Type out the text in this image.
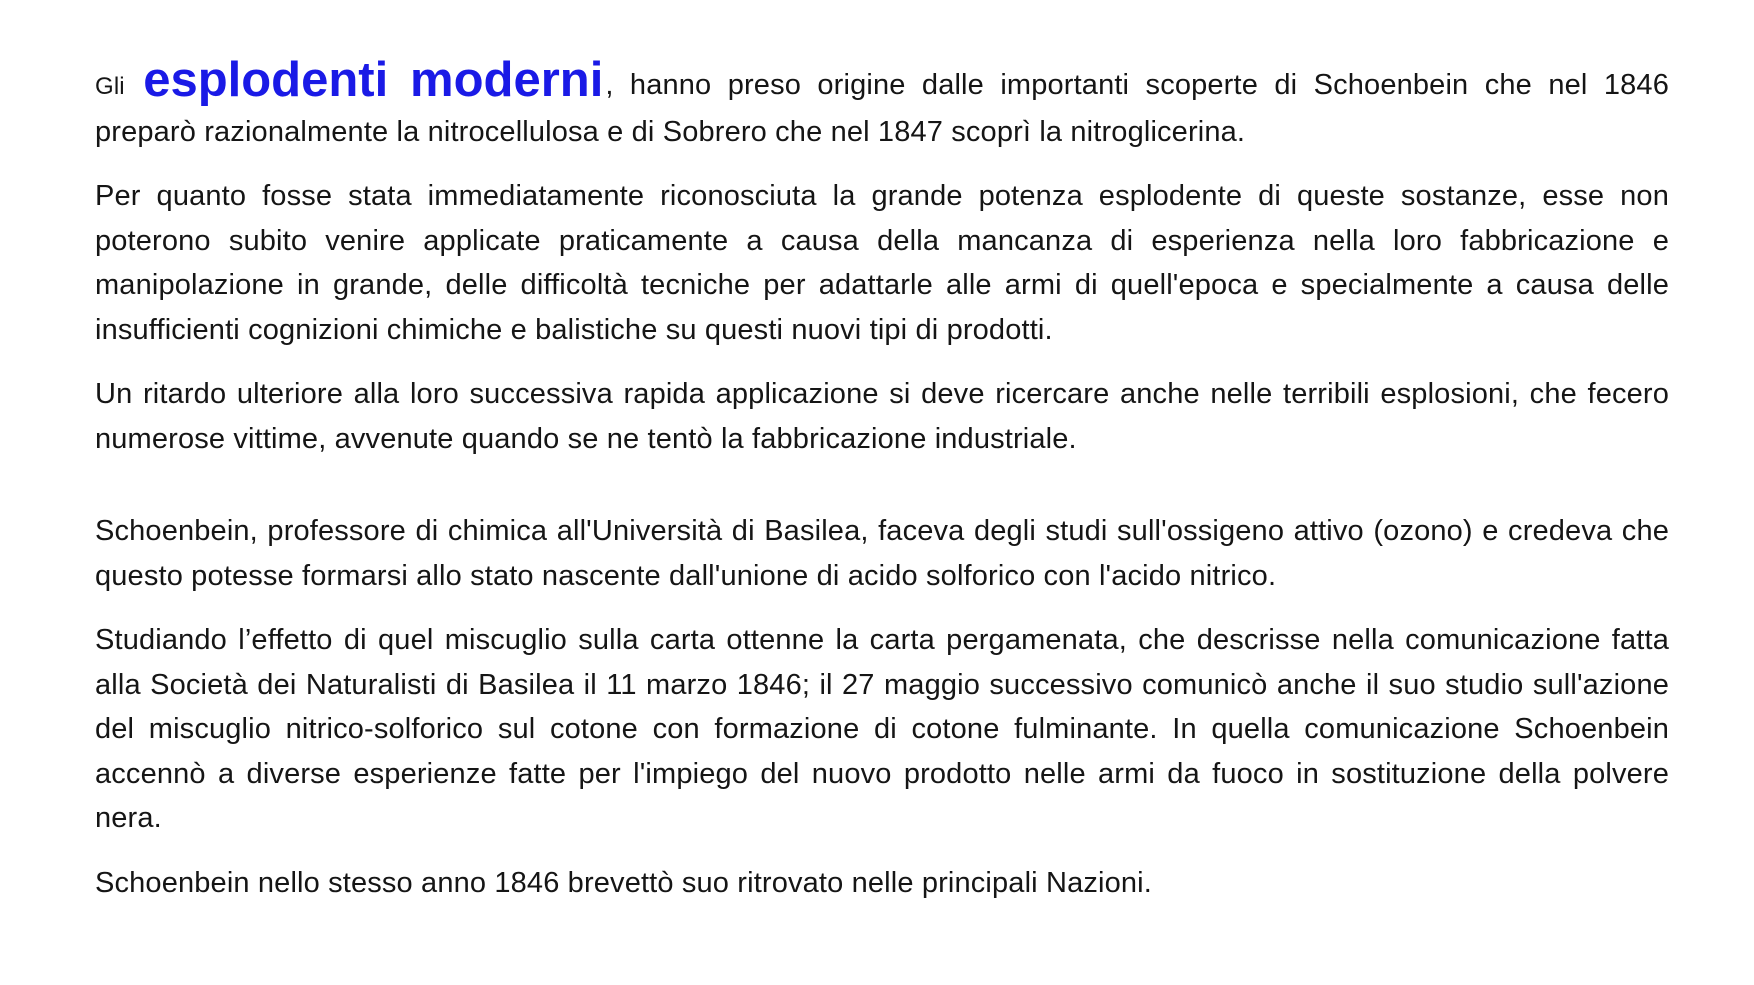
Gli esplodenti moderni, hanno preso origine dalle importanti scoperte di Schoenbein che nel 1846 preparò razionalmente la nitrocellulosa e di Sobrero che nel 1847 scoprì la nitroglicerina.

Per quanto fosse stata immediatamente riconosciuta la grande potenza esplodente di queste sostanze, esse non poterono subito venire applicate praticamente a causa della mancanza di esperienza nella loro fabbricazione e manipolazione in grande, delle difficoltà tecniche per adattarle alle armi di quell'epoca e specialmente a causa delle insufficienti cognizioni chimiche e balistiche su questi nuovi tipi di prodotti.

Un ritardo ulteriore alla loro successiva rapida applicazione si deve ricercare anche nelle terribili esplosioni, che fecero numerose vittime, avvenute quando se ne tentò la fabbricazione industriale.

Schoenbein, professore di chimica all'Università di Basilea, faceva degli studi sull'ossigeno attivo (ozono) e credeva che questo potesse formarsi allo stato nascente dall'unione di acido solforico con l'acido nitrico.

Studiando l’effetto di quel miscuglio sulla carta ottenne la carta pergamenata, che descrisse nella comunicazione fatta alla Società dei Naturalisti di Basilea il 11 marzo 1846; il 27 maggio successivo comunicò anche il suo studio sull'azione del miscuglio nitrico-solforico sul cotone con formazione di cotone fulminante. In quella comunicazione Schoenbein accennò a diverse esperienze fatte per l'impiego del nuovo prodotto nelle armi da fuoco in sostituzione della polvere nera.

Schoenbein nello stesso anno 1846 brevettò suo ritrovato nelle principali Nazioni.
